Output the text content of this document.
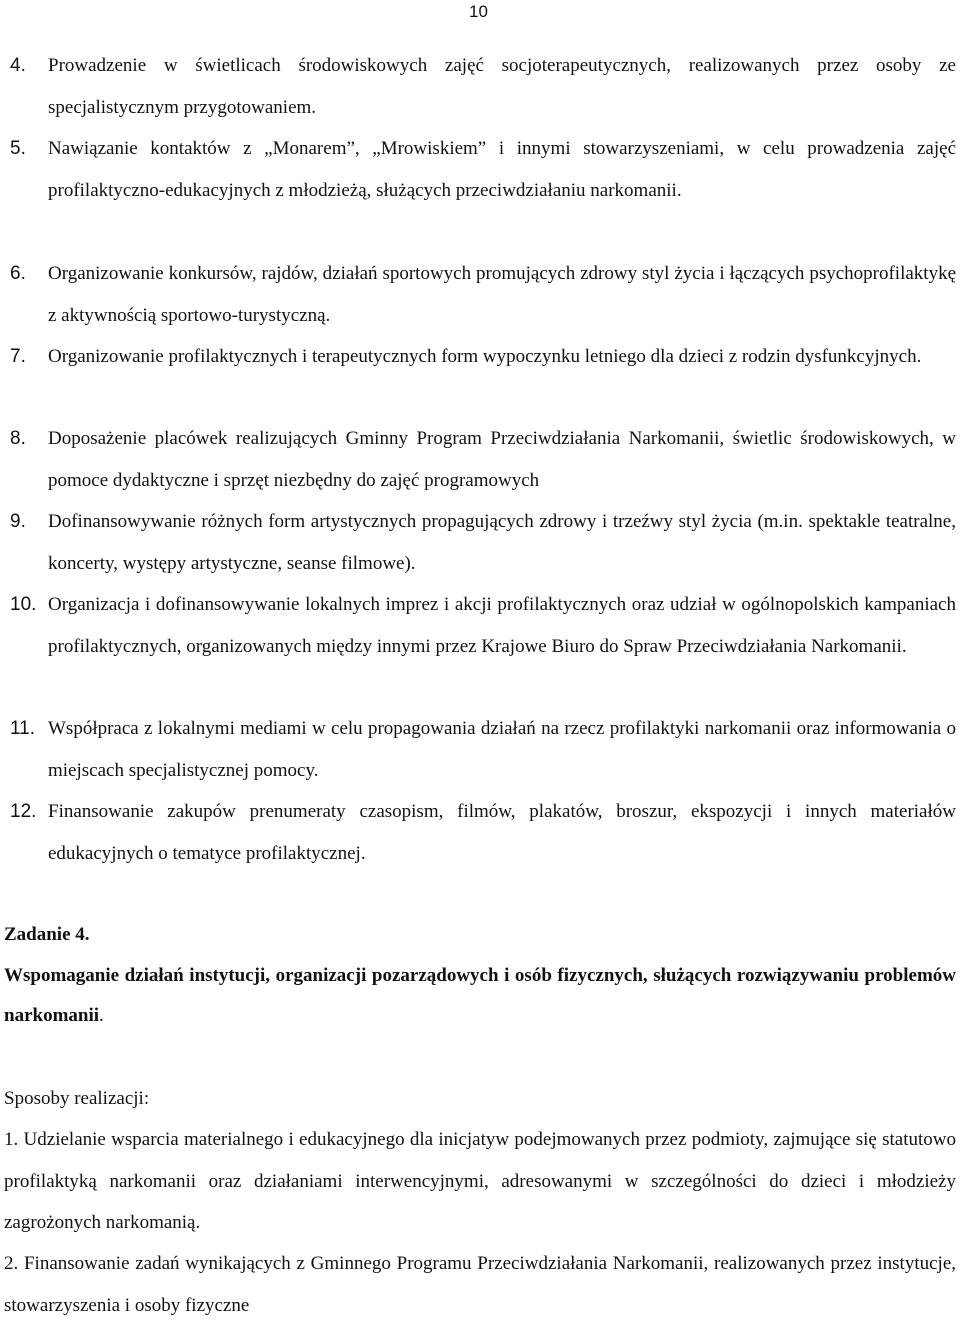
10
4.	Prowadzenie w świetlicach środowiskowych zajęć socjoterapeutycznych, realizowanych przez osoby ze specjalistycznym przygotowaniem.
5.	Nawiązanie kontaktów z „Monarem”, „Mrowiskiem” i innymi stowarzyszeniami, w celu prowadzenia zajęć profilaktyczno-edukacyjnych z młodzieżą, służących przeciwdziałaniu narkomanii.
6.	Organizowanie konkursów, rajdów, działań sportowych promujących zdrowy styl życia i łączących psychoprofilaktykę z aktywnością sportowo-turystyczną.
7.	Organizowanie profilaktycznych i terapeutycznych form wypoczynku letniego dla dzieci z rodzin dysfunkcyjnych.
8.	Doposażenie placówek realizujących Gminny Program Przeciwdziałania Narkomanii, świetlic środowiskowych, w pomoce dydaktyczne i sprzęt niezbędny do zajęć programowych
9.	Dofinansowywanie różnych form artystycznych propagujących zdrowy i trzeźwy styl życia (m.in. spektakle teatralne, koncerty, występy artystyczne, seanse filmowe).
10. Organizacja i dofinansowywanie lokalnych imprez i akcji profilaktycznych oraz udział w ogólnopolskich kampaniach profilaktycznych, organizowanych między innymi przez Krajowe Biuro do Spraw Przeciwdziałania Narkomanii.
11. Współpraca z lokalnymi mediami w celu propagowania działań na rzecz profilaktyki narkomanii oraz informowania o miejscach specjalistycznej pomocy.
12. Finansowanie zakupów prenumeraty czasopism, filmów, plakatów, broszur, ekspozycji i innych materiałów edukacyjnych o tematyce profilaktycznej.
Zadanie 4.
Wspomaganie działań instytucji, organizacji pozarządowych i osób fizycznych, służących rozwiązywaniu problemów narkomanii.
Sposoby realizacji:
1. Udzielanie wsparcia materialnego i edukacyjnego dla inicjatyw podejmowanych przez podmioty, zajmujące się statutowo profilaktyką narkomanii oraz działaniami interwencyjnymi, adresowanymi w szczególności do dzieci i młodzieży zagrożonych narkomanią.
2. Finansowanie zadań wynikających z Gminnego Programu Przeciwdziałania Narkomanii, realizowanych przez instytucje, stowarzyszenia i osoby fizyczne
